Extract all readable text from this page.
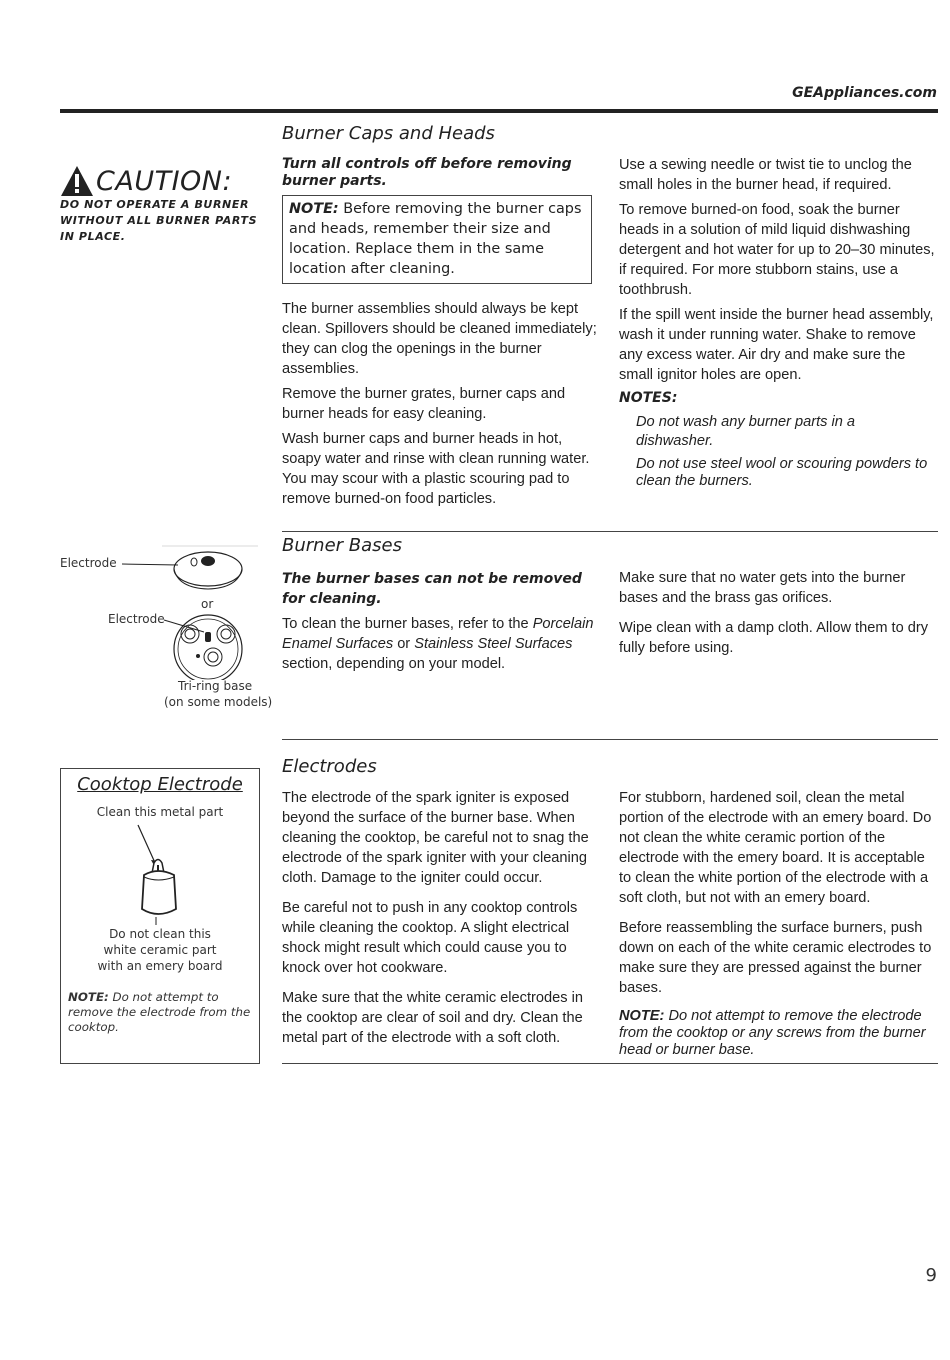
GEAppliances.com
CAUTION:
DO NOT OPERATE A BURNER
WITHOUT ALL BURNER PARTS
IN PLACE.
Burner Caps and Heads
Turn all controls off before removing burner parts.
NOTE: Before removing the burner caps and heads, remember their size and location. Replace them in the same location after cleaning.

The burner assemblies should always be kept clean. Spillovers should be cleaned immediately; they can clog the openings in the burner assemblies.

Remove the burner grates, burner caps and burner heads for easy cleaning.

Wash burner caps and burner heads in hot, soapy water and rinse with clean running water. You may scour with a plastic scouring pad to remove burned-on food particles.

Use a sewing needle or twist tie to unclog the small holes in the burner head, if required.

To remove burned-on food, soak the burner heads in a solution of mild liquid dishwashing detergent and hot water for up to 20–30 minutes, if required. For more stubborn stains, use a toothbrush.

If the spill went inside the burner head assembly, wash it under running water. Shake to remove any excess water. Air dry and make sure the small ignitor holes are open.

NOTES:

Do not wash any burner parts in a dishwasher.

Do not use steel wool or scouring powders to clean the burners.

Electrode
or
Electrode
Tri-ring base
(on some models)
Burner Bases
The burner bases can not be removed for cleaning.

To clean the burner bases, refer to the Porcelain Enamel Surfaces or Stainless Steel Surfaces section, depending on your model.

Make sure that no water gets into the burner bases and the brass gas orifices.

Wipe clean with a damp cloth. Allow them to dry fully before using.

Cooktop Electrode
Clean this metal part
Do not clean this
white ceramic part
with an emery board
NOTE: Do not attempt to remove the electrode from the cooktop.
Electrodes

The electrode of the spark igniter is exposed beyond the surface of the burner base. When cleaning the cooktop, be careful not to snag the electrode of the spark igniter with your cleaning cloth. Damage to the igniter could occur.

Be careful not to push in any cooktop controls while cleaning the cooktop. A slight electrical shock might result which could cause you to knock over hot cookware.

Make sure that the white ceramic electrodes in the cooktop are clear of soil and dry. Clean the metal part of the electrode with a soft cloth.

For stubborn, hardened soil, clean the metal portion of the electrode with an emery board. Do not clean the white ceramic portion of the electrode with the emery board. It is acceptable to clean the white portion of the electrode with a soft cloth, but not with an emery board.

Before reassembling the surface burners, push down on each of the white ceramic electrodes to make sure they are pressed against the burner bases.

NOTE: Do not attempt to remove the electrode from the cooktop or any screws from the burner head or burner base.

9
